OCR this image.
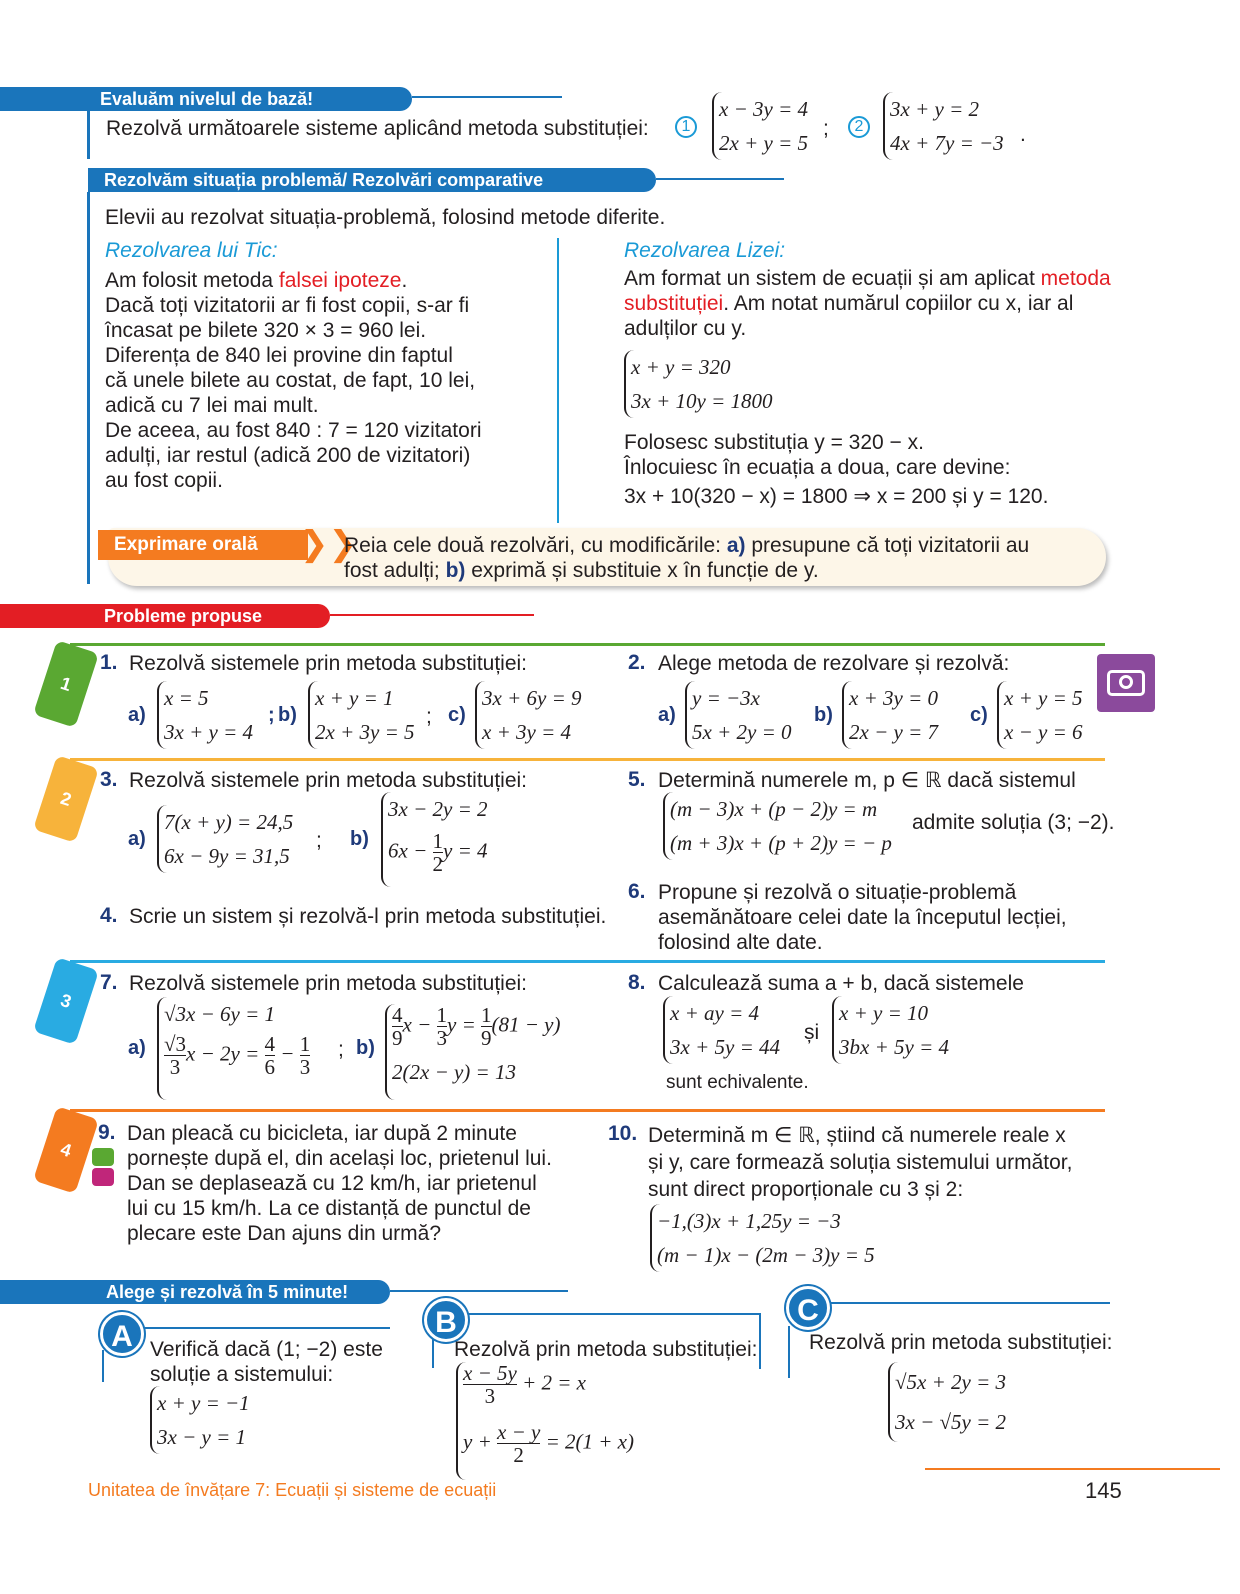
Evaluăm nivelul de bază!
Rezolvă următoarele sisteme aplicând metoda substituției:	1
x − 3y = 4
2x + y = 5
;	2
3x + y = 2
4x + 7y = −3 .
Rezolvăm situația problemă/ Rezolvări comparative
Elevii au rezolvat situația-problemă, folosind metode diferite.
Rezolvarea lui Tic:
Am folosit metoda falsei ipoteze.
Dacă toți vizitatorii ar fi fost copii, s-ar fi
încasat pe bilete 320 × 3 = 960 lei.
Diferența de 840 lei provine din faptul
că unele bilete au costat, de fapt, 10 lei,
adică cu 7 lei mai mult.
De aceea, au fost 840 : 7 = 120 vizitatori
adulți, iar restul (adică 200 de vizitatori)
au fost copii.
Rezolvarea Lizei:
Am format un sistem de ecuații și am aplicat metoda
substituției. Am notat numărul copiilor cu x, iar al
adulților cu y.
x + y = 320
3x + 10y = 1800
Folosesc substituția y = 320 − x.
Înlocuiesc în ecuația a doua, care devine:
3x + 10(320 − x) = 1800 ⇒ x = 200 și y = 120.
Exprimare orală	❯❯
Reia cele două rezolvări, cu modificările: a) presupune că toți vizitatorii au
fost adulți; b) exprimă și substituie x în funcție de y.
Probleme propuse
1
1. Rezolvă sistemele prin metoda substituției:
a)
x = 5
3x + y = 4
; b)
x + y = 1
2x + 3y = 5
c)
;
3x + 6y = 9
x + 3y = 4
2. Alege metoda de rezolvare și rezolvă:
a)
y = −3x
5x + 2y = 0
b)
x + 3y = 0
2x − y = 7
c)
x + y = 5
x − y = 6
2
3. Rezolvă sistemele prin metoda substituției:
a)
7(x + y) = 24,5
6x − 9y = 31,5
; b)
3x − 2y = 2
$6x - \frac{1}{2}$ y = 4
4. Scrie un sistem și rezolvă-l prin metoda substituției.
5. Determină numerele m, p ∈ ℝ dacă sistemul
(m − 3)x + (p − 2)y = m
(m + 3)x + (p + 2)y = − p
admite soluția (3; −2).
6. Propune și rezolvă o situație-problemă
asemănătoare celei date la începutul lecției,
folosind alte date.
3
7. Rezolvă sistemele prin metoda substituției:
a)
√3x − 6y = 1
$\frac{√3}{3}$ $x - 2y = \frac{4}{6} - \frac{1}{3}$ ; $b) \frac{4}{9}$ $x - \frac{1}{3}$ $y = \frac{1}{9} (81 - y)$
2(2x − y) = 13
8. Calculează suma a + b, dacă sistemele
x + ay = 4
3x + 5y = 44
și
x + y = 10
3bx + 5y = 4
sunt echivalente.
4
9. Dan pleacă cu bicicleta, iar după 2 minute
pornește după el, din același loc, prietenul lui.
Dan se deplasează cu 12 km/h, iar prietenul
lui cu 15 km/h. La ce distanță de punctul de
plecare este Dan ajuns din urmă?
10. Determină m ∈ ℝ, știind că numerele reale x
și y, care formează soluția sistemului următor,
sunt direct proporționale cu 3 și 2:
−1,(3)x + 1,25y = −3
(m − 1)x − (2m − 3)y = 5
Alege și rezolvă în 5 minute!
A Verifică dacă (1; −2) este
soluție a sistemului:
x + y = −1
3x − y = 1
B
Rezolvă prin metoda substituției:
$\frac{x - 5y}{3} + 2 = x$
$y + \frac{x - y}{2} = 2(1 + x)$
C
Rezolvă prin metoda substituției:
√5x + 2y = 3
3x − √5y = 2
Unitatea de învățare 7: Ecuații și sisteme de ecuații	145
